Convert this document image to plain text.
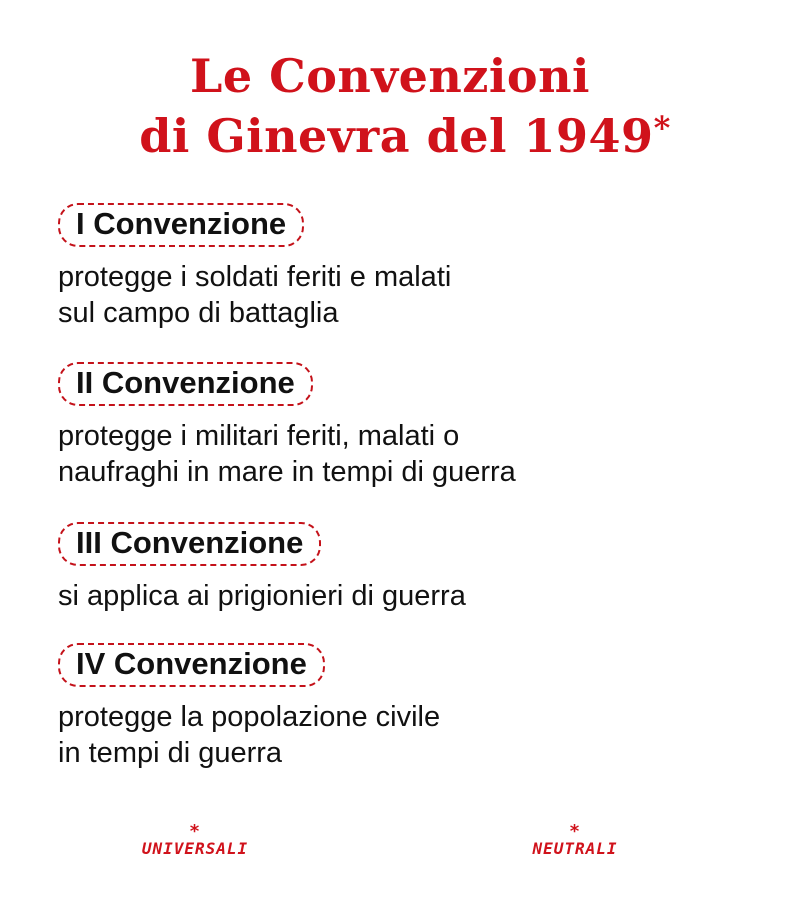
Le Convenzioni
di Ginevra del 1949*
I Convenzione
protegge i soldati feriti e malati
sul campo di battaglia
II Convenzione
protegge i militari feriti, malati o
naufraghi in mare in tempi di guerra
III Convenzione
si applica ai prigionieri di guerra
IV Convenzione
protegge la popolazione civile
in tempi di guerra
*
UNIVERSALI
*
NEUTRALI
